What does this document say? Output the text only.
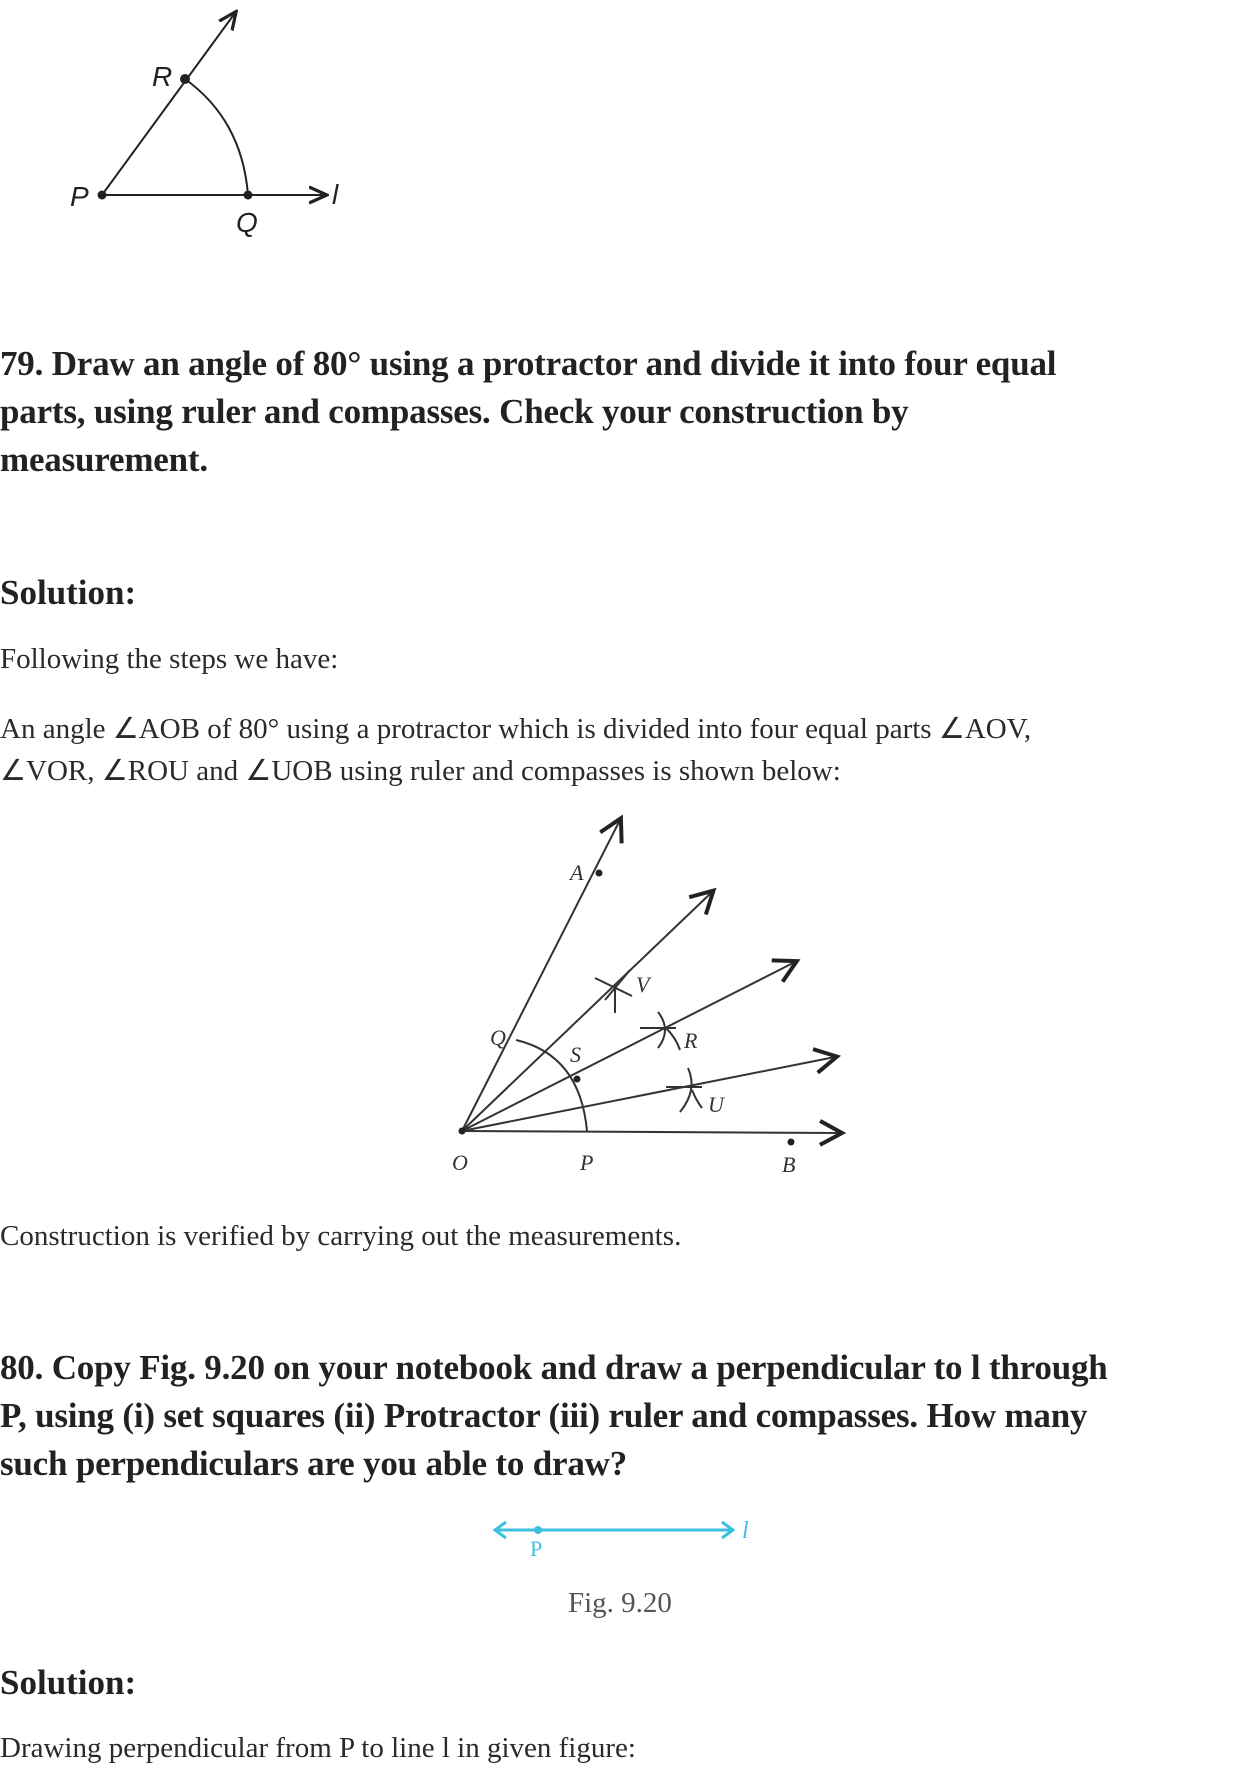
R
P
Q
l
79. Draw an angle of 80° using a protractor and divide it into four equal
parts, using ruler and compasses. Check your construction by
measurement.
Solution:
Following the steps we have:
An angle ∠AOB of 80° using a protractor which is divided into four equal parts ∠AOV,
∠VOR, ∠ROU and ∠UOB using ruler and compasses is shown below:
A
V
R
U
Q
S
O	P	B
Construction is verified by carrying out the measurements.
80. Copy Fig. 9.20 on your notebook and draw a perpendicular to l through
P, using (i) set squares (ii) Protractor (iii) ruler and compasses. How many
such perpendiculars are you able to draw?
P
l
Fig. 9.20
Solution:
Drawing perpendicular from P to line l in given figure:
